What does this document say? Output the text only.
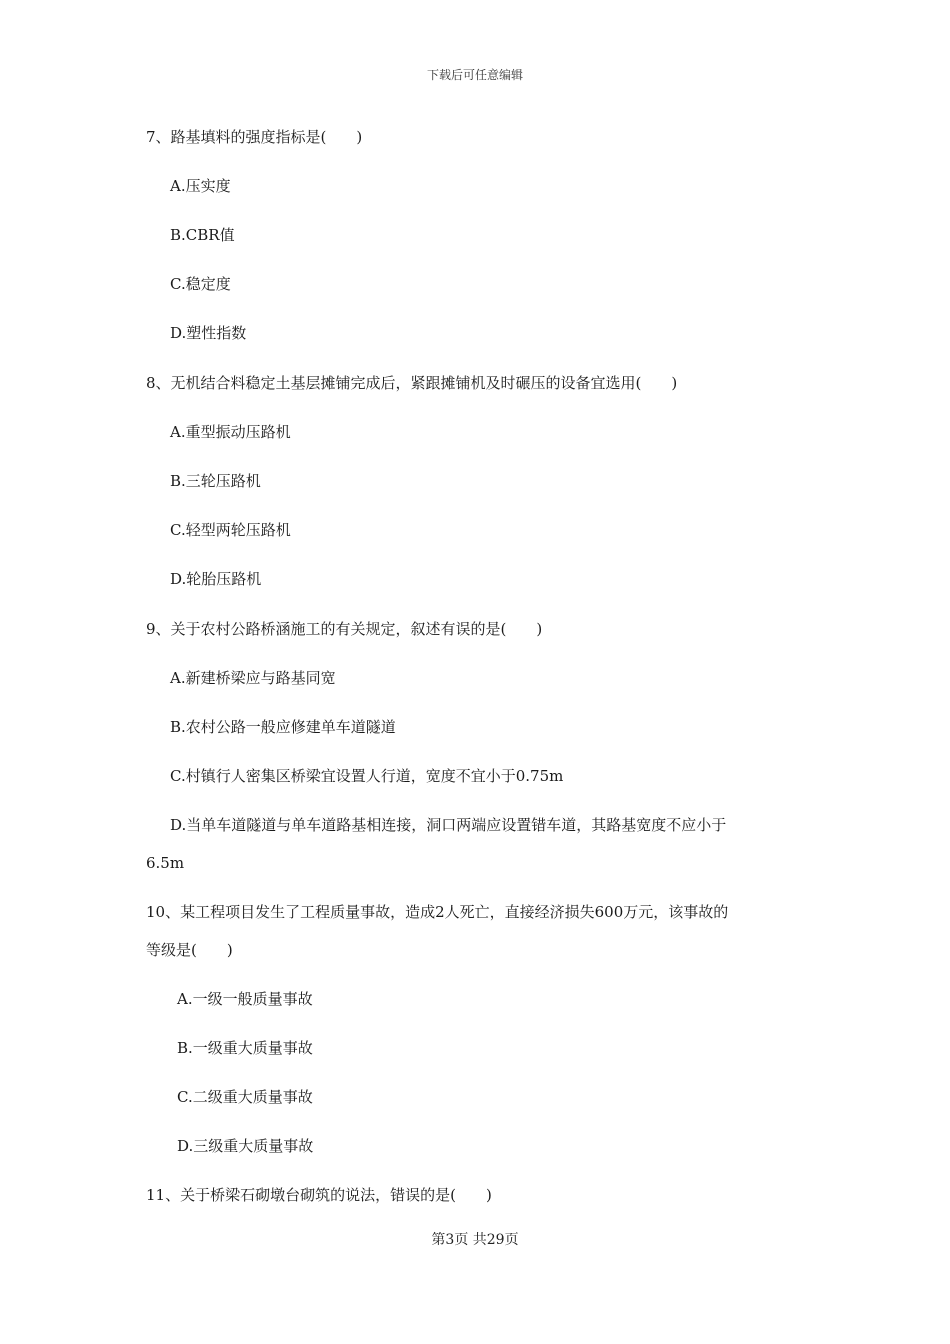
下载后可任意编辑
7、路基填料的强度指标是(　　)
A.压实度
B.CBR值
C.稳定度
D.塑性指数
8、无机结合料稳定土基层摊铺完成后，紧跟摊铺机及时碾压的设备宜选用(　　)
A.重型振动压路机
B.三轮压路机
C.轻型两轮压路机
D.轮胎压路机
9、关于农村公路桥涵施工的有关规定，叙述有误的是(　　)
A.新建桥梁应与路基同宽
B.农村公路一般应修建单车道隧道
C.村镇行人密集区桥梁宜设置人行道，宽度不宜小于0.75m
D.当单车道隧道与单车道路基相连接，洞口两端应设置错车道，其路基宽度不应小于
6.5m
10、某工程项目发生了工程质量事故，造成2人死亡，直接经济损失600万元，该事故的
等级是(　　)
A.一级一般质量事故
B.一级重大质量事故
C.二级重大质量事故
D.三级重大质量事故
11、关于桥梁石砌墩台砌筑的说法，错误的是(　　)
第3页 共29页
